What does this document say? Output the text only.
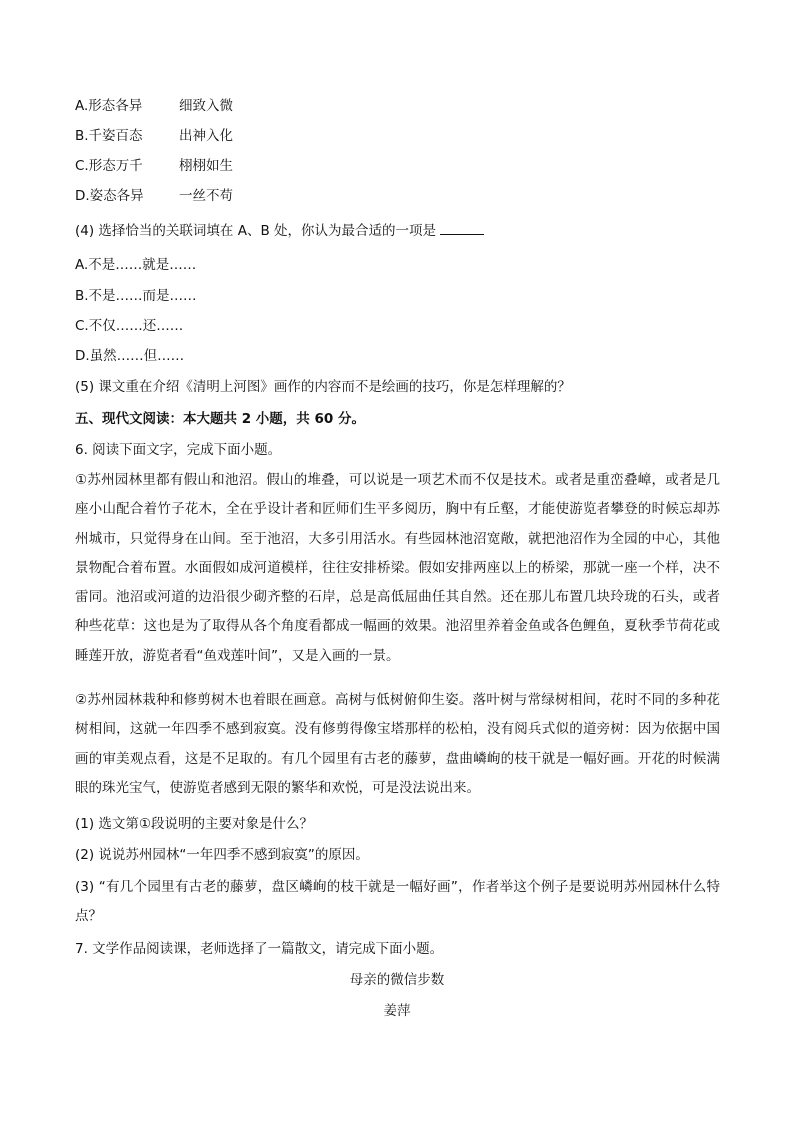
A.形态各异	细致入微
B.千姿百态	出神入化
C.形态万千	栩栩如生
D.姿态各异	一丝不苟
(4) 选择恰当的关联词填在 A、B 处，你认为最合适的一项是
A.不是……就是……
B.不是……而是……
C.不仅……还……
D.虽然……但……
(5) 课文重在介绍《清明上河图》画作的内容而不是绘画的技巧，你是怎样理解的？
五、现代文阅读：本大题共 2 小题，共 60 分。
6. 阅读下面文字，完成下面小题。
①苏州园林里都有假山和池沼。假山的堆叠，可以说是一项艺术而不仅是技术。或者是重峦叠嶂，或者是几座小山配合着竹子花木，全在乎设计者和匠师们生平多阅历，胸中有丘壑，才能使游览者攀登的时候忘却苏州城市，只觉得身在山间。至于池沼，大多引用活水。有些园林池沼宽敞，就把池沼作为全园的中心，其他景物配合着布置。水面假如成河道模样，往往安排桥梁。假如安排两座以上的桥梁，那就一座一个样，决不雷同。池沼或河道的边沿很少砌齐整的石岸，总是高低屈曲任其自然。还在那儿布置几块玲珑的石头，或者种些花草：这也是为了取得从各个角度看都成一幅画的效果。池沼里养着金鱼或各色鲤鱼，夏秋季节荷花或睡莲开放，游览者看“鱼戏莲叶间”，又是入画的一景。
②苏州园林栽种和修剪树木也着眼在画意。高树与低树俯仰生姿。落叶树与常绿树相间，花时不同的多种花树相间，这就一年四季不感到寂寞。没有修剪得像宝塔那样的松柏，没有阅兵式似的道旁树：因为依据中国画的审美观点看，这是不足取的。有几个园里有古老的藤萝，盘曲嶙峋的枝干就是一幅好画。开花的时候满眼的珠光宝气，使游览者感到无限的繁华和欢悦，可是没法说出来。
(1) 选文第①段说明的主要对象是什么？
(2) 说说苏州园林“一年四季不感到寂寞”的原因。
(3) “有几个园里有古老的藤萝，盘区嶙峋的枝干就是一幅好画”，作者举这个例子是要说明苏州园林什么特点？
7. 文学作品阅读课，老师选择了一篇散文，请完成下面小题。
母亲的微信步数
姜萍
